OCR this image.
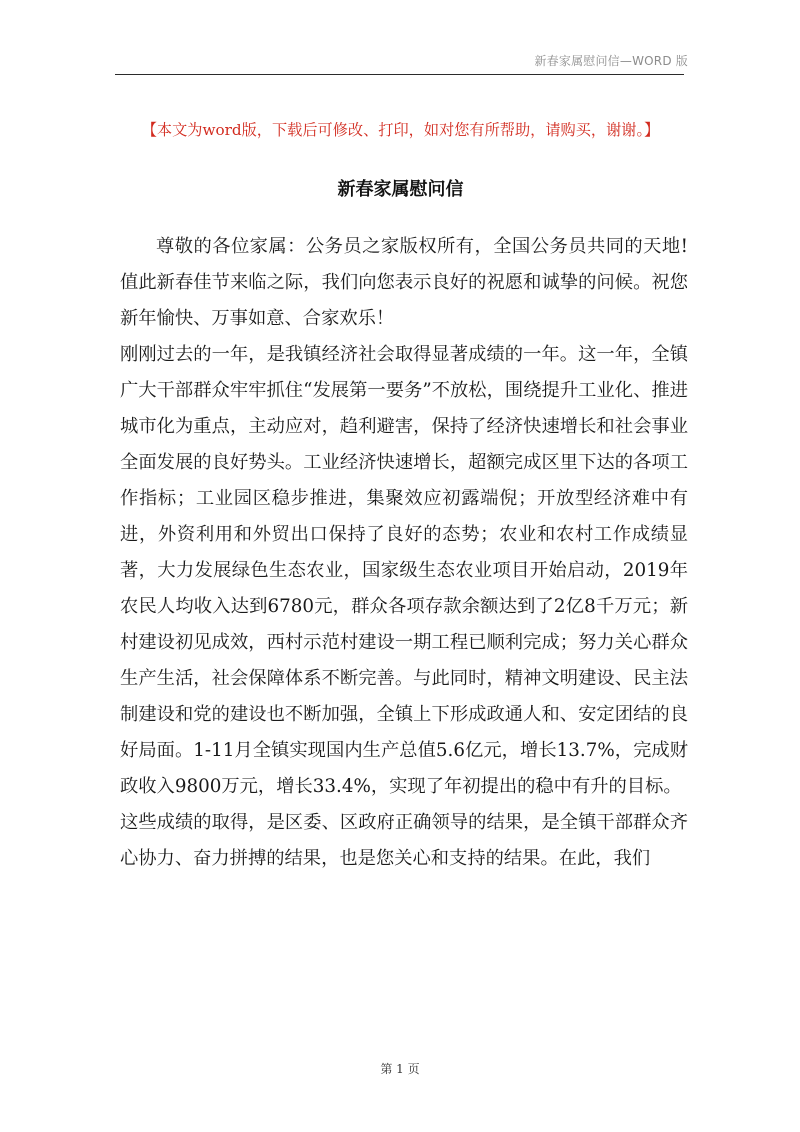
新春家属慰问信—WORD 版
【本文为word版，下载后可修改、打印，如对您有所帮助，请购买，谢谢。】
新春家属慰问信

尊敬的各位家属：公务员之家版权所有，全国公务员共同的天地!值此新春佳节来临之际，我们向您表示良好的祝愿和诚挚的问候。祝您新年愉快、万事如意、合家欢乐！

刚刚过去的一年，是我镇经济社会取得显著成绩的一年。这一年，全镇广大干部群众牢牢抓住“发展第一要务”不放松，围绕提升工业化、推进城市化为重点，主动应对，趋利避害，保持了经济快速增长和社会事业全面发展的良好势头。工业经济快速增长，超额完成区里下达的各项工作指标；工业园区稳步推进，集聚效应初露端倪；开放型经济难中有进，外资利用和外贸出口保持了良好的态势；农业和农村工作成绩显著，大力发展绿色生态农业，国家级生态农业项目开始启动，2019年农民人均收入达到6780元，群众各项存款余额达到了2亿8千万元；新村建设初见成效，西村示范村建设一期工程已顺利完成；努力关心群众生产生活，社会保障体系不断完善。与此同时，精神文明建设、民主法制建设和党的建设也不断加强，全镇上下形成政通人和、安定团结的良好局面。1-11月全镇实现国内生产总值5.6亿元，增长13.7%，完成财政收入9800万元，增长33.4%，实现了年初提出的稳中有升的目标。

这些成绩的取得，是区委、区政府正确领导的结果，是全镇干部群众齐心协力、奋力拼搏的结果，也是您关心和支持的结果。在此，我们

第 1 页
